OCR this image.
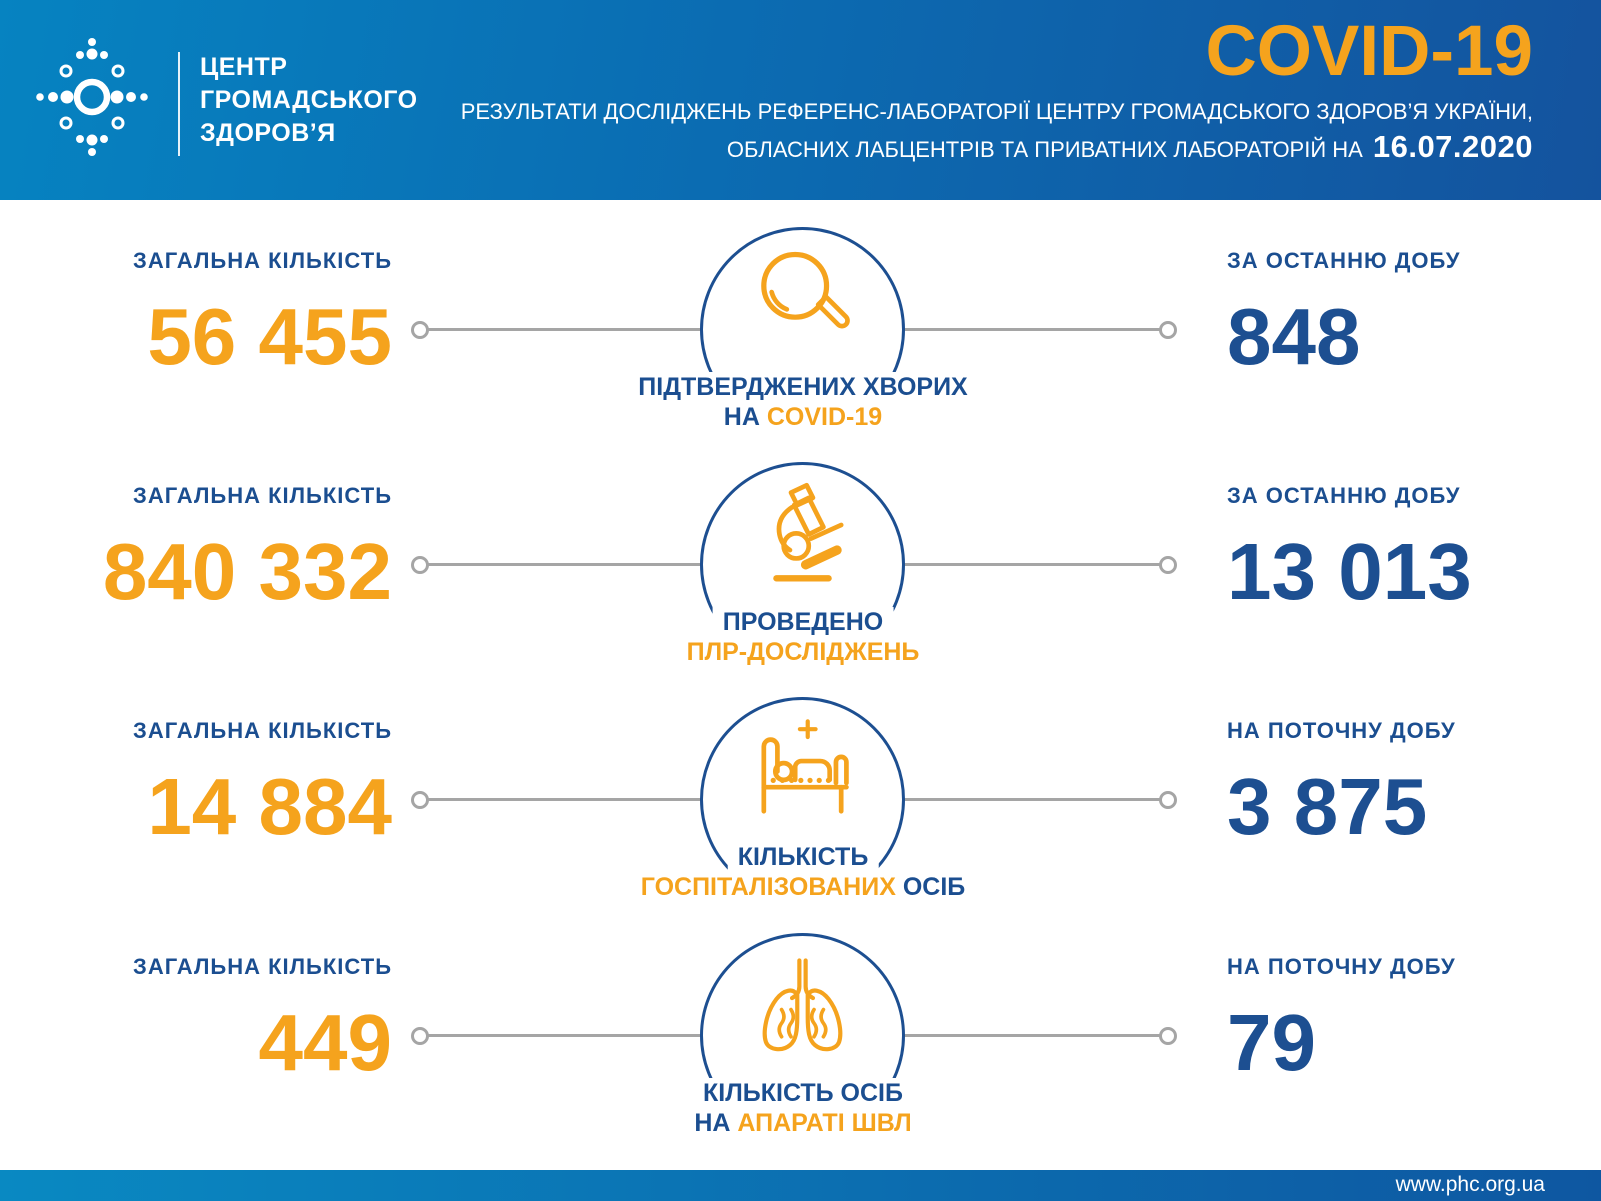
ЦЕНТР
ГРОМАДСЬКОГО
ЗДОРОВ’Я
COVID-19
РЕЗУЛЬТАТИ ДОСЛІДЖЕНЬ РЕФЕРЕНС-ЛАБОРАТОРІЇ ЦЕНТРУ ГРОМАДСЬКОГО ЗДОРОВ’Я УКРАЇНИ,
ОБЛАСНИХ ЛАБЦЕНТРІВ ТА ПРИВАТНИХ ЛАБОРАТОРІЙ НА 16.07.2020
ЗАГАЛЬНА КІЛЬКІСТЬ
56 455
ПІДТВЕРДЖЕНИХ ХВОРИХ
НА COVID-19
ЗА ОСТАННЮ ДОБУ
848
ЗАГАЛЬНА КІЛЬКІСТЬ
840 332
ПРОВЕДЕНО
ПЛР-ДОСЛІДЖЕНЬ
ЗА ОСТАННЮ ДОБУ
13 013
ЗАГАЛЬНА КІЛЬКІСТЬ
14 884
КІЛЬКІСТЬ
ГОСПІТАЛІЗОВАНИХ ОСІБ
НА ПОТОЧНУ ДОБУ
3 875
ЗАГАЛЬНА КІЛЬКІСТЬ
449
КІЛЬКІСТЬ ОСІБ
НА АПАРАТІ ШВЛ
НА ПОТОЧНУ ДОБУ
79
www.phc.org.ua
